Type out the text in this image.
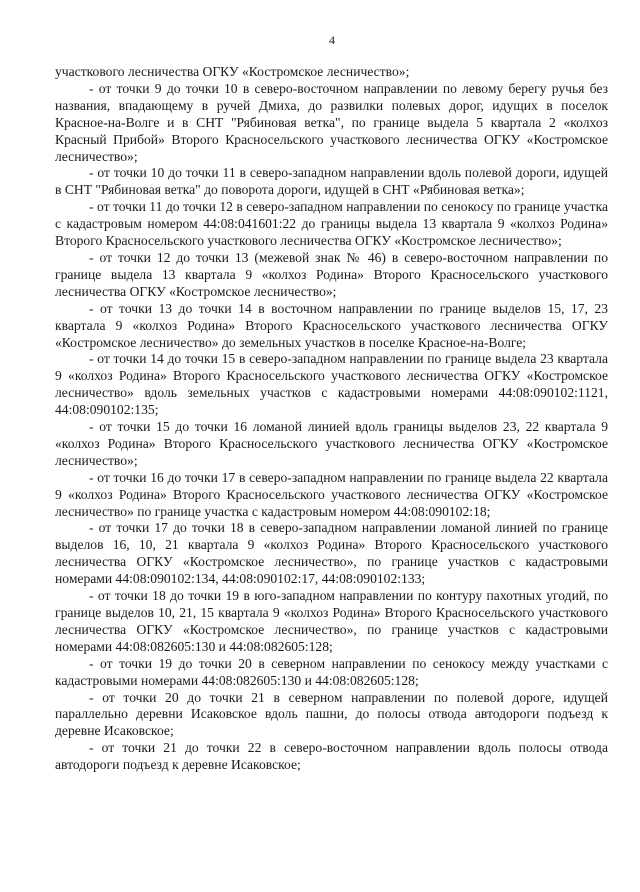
4

участкового лесничества ОГКУ «Костромское лесничество»;

- от точки 9 до точки 10 в северо-восточном направлении по левому берегу ручья без названия, впадающему в ручей Дмиха, до развилки полевых дорог, идущих в поселок Красное-на-Волге и в СНТ "Рябиновая ветка", по границе выдела 5 квартала 2 «колхоз Красный Прибой» Второго Красносельского участкового лесничества ОГКУ «Костромское лесничество»;

- от точки 10 до точки 11 в северо-западном направлении вдоль полевой дороги, идущей в СНТ "Рябиновая ветка" до поворота дороги, идущей в СНТ «Рябиновая ветка»;

- от точки 11 до точки 12 в северо-западном направлении по сенокосу по границе участка с кадастровым номером 44:08:041601:22 до границы выдела 13 квартала 9 «колхоз Родина» Второго Красносельского участкового лесничества ОГКУ «Костромское лесничество»;

- от точки 12 до точки 13 (межевой знак № 46) в северо-восточном направлении по границе выдела 13 квартала 9 «колхоз Родина» Второго Красносельского участкового лесничества ОГКУ «Костромское лесничество»;

- от точки 13 до точки 14 в восточном направлении по границе выделов 15, 17, 23 квартала 9 «колхоз Родина» Второго Красносельского участкового лесничества ОГКУ «Костромское лесничество» до земельных участков в поселке Красное-на-Волге;

- от точки 14 до точки 15 в северо-западном направлении по границе выдела 23 квартала 9 «колхоз Родина» Второго Красносельского участкового лесничества ОГКУ «Костромское лесничество» вдоль земельных участков с кадастровыми номерами 44:08:090102:1121, 44:08:090102:135;

- от точки 15 до точки 16 ломаной линией вдоль границы выделов 23, 22 квартала 9 «колхоз Родина» Второго Красносельского участкового лесничества ОГКУ «Костромское лесничество»;

- от точки 16 до точки 17 в северо-западном направлении по границе выдела 22 квартала 9 «колхоз Родина» Второго Красносельского участкового лесничества ОГКУ «Костромское лесничество» по границе участка с кадастровым номером 44:08:090102:18;

- от точки 17 до точки 18 в северо-западном направлении ломаной линией по границе выделов 16, 10, 21 квартала 9 «колхоз Родина» Второго Красносельского участкового лесничества ОГКУ «Костромское лесничество», по границе участков с кадастровыми номерами 44:08:090102:134, 44:08:090102:17, 44:08:090102:133;

- от точки 18 до точки 19 в юго-западном направлении по контуру пахотных угодий, по границе выделов 10, 21, 15 квартала 9 «колхоз Родина» Второго Красносельского участкового лесничества ОГКУ «Костромское лесничество», по границе участков с кадастровыми номерами 44:08:082605:130 и 44:08:082605:128;

- от точки 19 до точки 20 в северном направлении по сенокосу между участками с кадастровыми номерами 44:08:082605:130 и 44:08:082605:128;

- от точки 20 до точки 21 в северном направлении по полевой дороге, идущей параллельно деревни Исаковское вдоль пашни, до полосы отвода автодороги подъезд к деревне Исаковское;

- от точки 21 до точки 22 в северо-восточном направлении вдоль полосы отвода автодороги подъезд к деревне Исаковское;
